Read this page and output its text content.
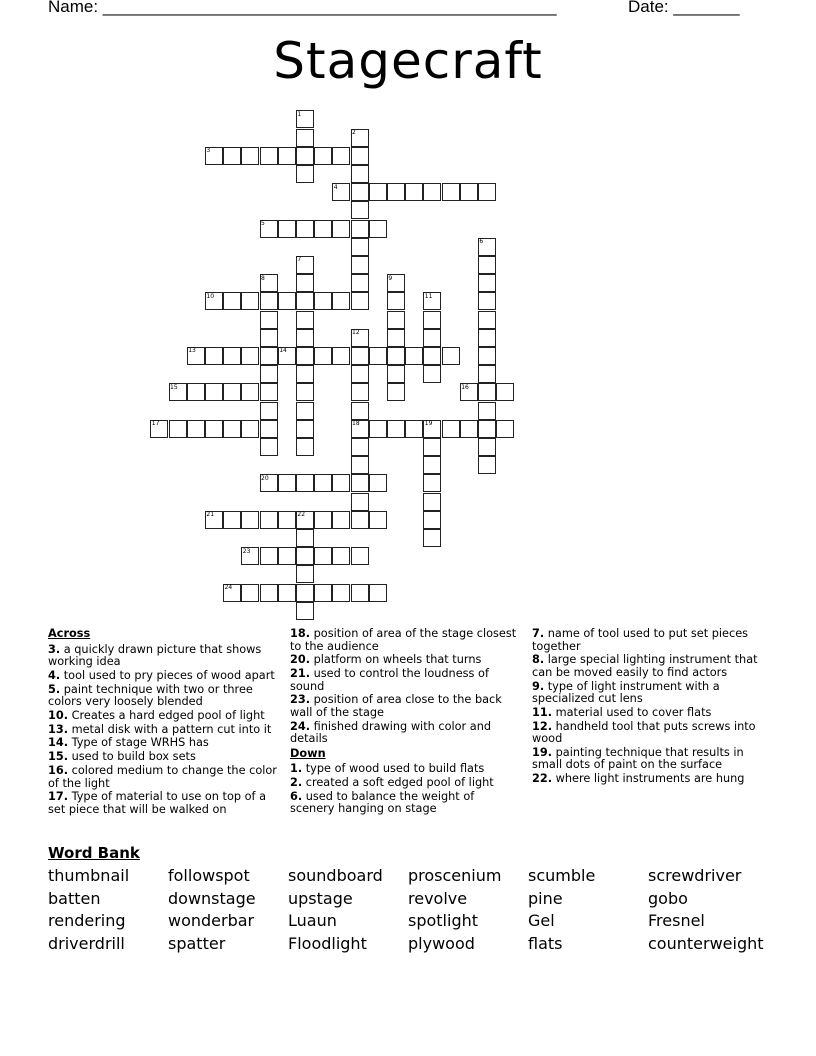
Name: ________________________________________________	Date: _______
Stagecraft
1
2
3
4
5
6
7
8	9
10	11
12
13	14
15	16
17	18	19
20
21	22
23
24
Across
3. a quickly drawn picture that shows working idea
4. tool used to pry pieces of wood apart
5. paint technique with two or three colors very loosely blended
10. Creates a hard edged pool of light
13. metal disk with a pattern cut into it
14. Type of stage WRHS has
15. used to build box sets
16. colored medium to change the color of the light
17. Type of material to use on top of a set piece that will be walked on
18. position of area of the stage closest to the audience
20. platform on wheels that turns
21. used to control the loudness of sound
23. position of area close to the back wall of the stage
24. finished drawing with color and details
Down
1. type of wood used to build flats
2. created a soft edged pool of light
6. used to balance the weight of scenery hanging on stage
7. name of tool used to put set pieces together
8. large special lighting instrument that can be moved easily to find actors
9. type of light instrument with a specialized cut lens
11. material used to cover flats
12. handheld tool that puts screws into wood
19. painting technique that results in small dots of paint on the surface
22. where light instruments are hung
Word Bank
thumbnail followspot soundboard proscenium scumble	screwdriver
batten	downstage upstage	revolve	pine	gobo
rendering	wonderbar Luaun	spotlight	Gel	Fresnel
driverdrill	spatter	Floodlight	plywood	flats	counterweight
